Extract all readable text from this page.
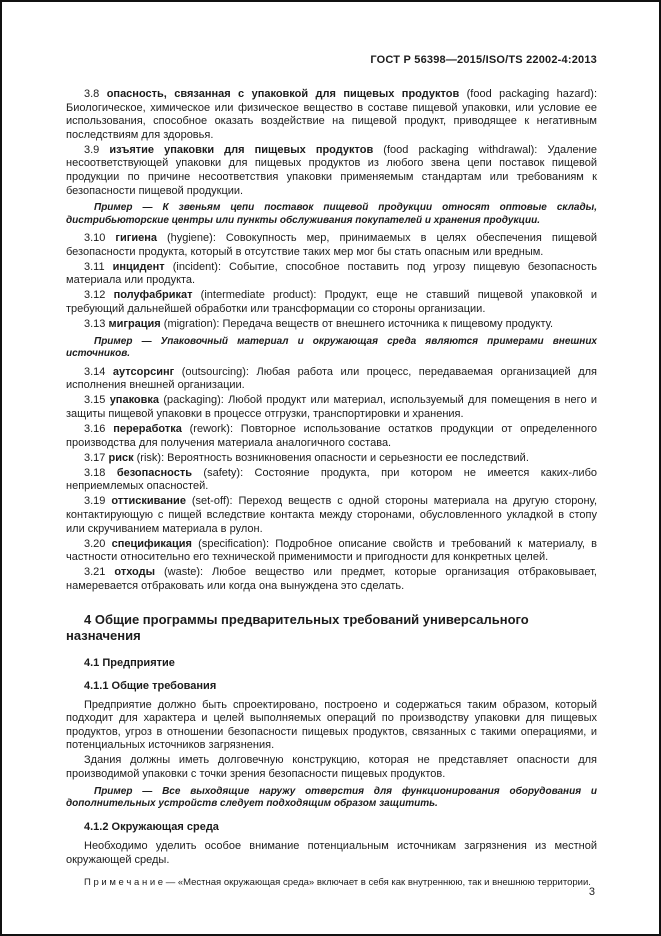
ГОСТ Р 56398—2015/ISO/TS 22002-4:2013

3.8 опасность, связанная с упаковкой для пищевых продуктов (food packaging hazard): Биологическое, химическое или физическое вещество в составе пищевой упаковки, или условие ее использования, способное оказать воздействие на пищевой продукт, приводящее к негативным последствиям для здоровья.

3.9 изъятие упаковки для пищевых продуктов (food packaging withdrawal): Удаление несоответствующей упаковки для пищевых продуктов из любого звена цепи поставок пищевой продукции по причине несоответствия упаковки применяемым стандартам или требованиям к безопасности пищевой продукции.

Пример — К звеньям цепи поставок пищевой продукции относят оптовые склады, дистрибьюторские центры или пункты обслуживания покупателей и хранения продукции.

3.10 гигиена (hygiene): Совокупность мер, принимаемых в целях обеспечения пищевой безопасности продукта, который в отсутствие таких мер мог бы стать опасным или вредным.

3.11 инцидент (incident): Событие, способное поставить под угрозу пищевую безопасность материала или продукта.

3.12 полуфабрикат (intermediate product): Продукт, еще не ставший пищевой упаковкой и требующий дальнейшей обработки или трансформации со стороны организации.

3.13 миграция (migration): Передача веществ от внешнего источника к пищевому продукту.

Пример — Упаковочный материал и окружающая среда являются примерами внешних источников.

3.14 аутсорсинг (outsourcing): Любая работа или процесс, передаваемая организацией для исполнения внешней организации.

3.15 упаковка (packaging): Любой продукт или материал, используемый для помещения в него и защиты пищевой упаковки в процессе отгрузки, транспортировки и хранения.

3.16 переработка (rework): Повторное использование остатков продукции от определенного производства для получения материала аналогичного состава.

3.17 риск (risk): Вероятность возникновения опасности и серьезности ее последствий.

3.18 безопасность (safety): Состояние продукта, при котором не имеется каких-либо неприемлемых опасностей.

3.19 оттискивание (set-off): Переход веществ с одной стороны материала на другую сторону, контактирующую с пищей вследствие контакта между сторонами, обусловленного укладкой в стопу или скручиванием материала в рулон.

3.20 спецификация (specification): Подробное описание свойств и требований к материалу, в частности относительно его технической применимости и пригодности для конкретных целей.

3.21 отходы (waste): Любое вещество или предмет, которые организация отбраковывает, намеревается отбраковать или когда она вынуждена это сделать.

4 Общие программы предварительных требований универсального назначения
4.1 Предприятие
4.1.1 Общие требования

Предприятие должно быть спроектировано, построено и содержаться таким образом, который подходит для характера и целей выполняемых операций по производству упаковки для пищевых продуктов, угроз в отношении безопасности пищевых продуктов, связанных с такими операциями, и потенциальных источников загрязнения.

Здания должны иметь долговечную конструкцию, которая не представляет опасности для производимой упаковки с точки зрения безопасности пищевых продуктов.

Пример — Все выходящие наружу отверстия для функционирования оборудования и дополнительных устройств следует подходящим образом защитить.

4.1.2 Окружающая среда

Необходимо уделить особое внимание потенциальным источникам загрязнения из местной окружающей среды.

П р и м е ч а н и е — «Местная окружающая среда» включает в себя как внутреннюю, так и внешнюю территории.

3
